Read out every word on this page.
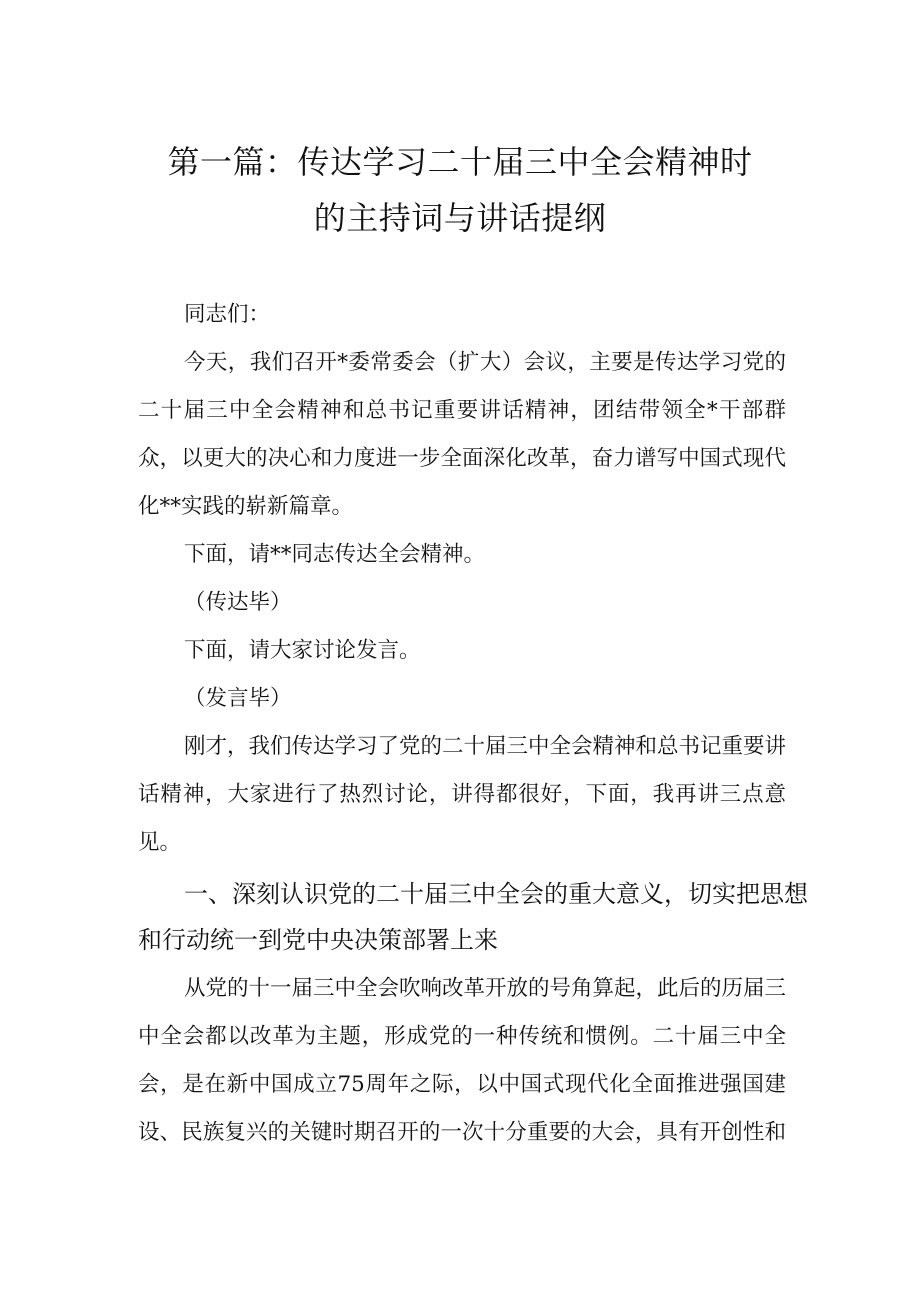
第一篇：传达学习二十届三中全会精神时
的主持词与讲话提纲
同志们：
今天，我们召开*委常委会（扩大）会议，主要是传达学习党的
二十届三中全会精神和总书记重要讲话精神，团结带领全*干部群
众，以更大的决心和力度进一步全面深化改革，奋力谱写中国式现代
化**实践的崭新篇章。
下面，请**同志传达全会精神。
（传达毕）
下面，请大家讨论发言。
（发言毕）
刚才，我们传达学习了党的二十届三中全会精神和总书记重要讲
话精神，大家进行了热烈讨论，讲得都很好，下面，我再讲三点意
见。
一、深刻认识党的二十届三中全会的重大意义，切实把思想
和行动统一到党中央决策部署上来
从党的十一届三中全会吹响改革开放的号角算起，此后的历届三
中全会都以改革为主题，形成党的一种传统和惯例。二十届三中全
会，是在新中国成立75周年之际，以中国式现代化全面推进强国建
设、民族复兴的关键时期召开的一次十分重要的大会，具有开创性和
